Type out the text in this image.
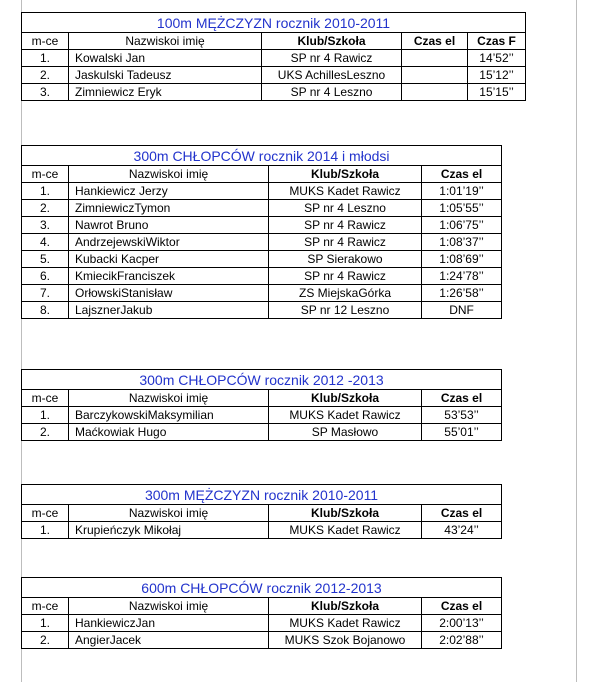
100m MĘŻCZYZN rocznik 2010-2011				
m-ce	Nazwiskoi imię	Klub/Szkoła	Czas el	Czas F
1.	Kowalski Jan	SP nr 4 Rawicz		14’52’’
2.	Jaskulski Tadeusz	UKS AchillesLeszno		15’12’’
3.	Zimniewicz Eryk	SP nr 4 Leszno		15’15’’
300m CHŁOPCÓW rocznik 2014 i młodsi			
m-ce	Nazwiskoi imię	Klub/Szkoła	Czas el
1.	Hankiewicz Jerzy	MUKS Kadet Rawicz	1:01’19’’
2.	ZimniewiczTymon	SP nr 4 Leszno	1:05’55’’
3.	Nawrot Bruno	SP nr 4 Rawicz	1:06’75’’
4.	AndrzejewskiWiktor	SP nr 4 Rawicz	1:08’37’’
5.	Kubacki Kacper	SP Sierakowo	1:08’69’’
6.	KmiecikFranciszek	SP nr 4 Rawicz	1:24’78’’
7.	OrłowskiStanisław	ZS MiejskaGórka	1:26’58’’
8.	LajsznerJakub	SP nr 12 Leszno	DNF
300m CHŁOPCÓW rocznik 2012 -2013			
m-ce	Nazwiskoi imię	Klub/Szkoła	Czas el
1.	BarczykowskiMaksymilian	MUKS Kadet Rawicz	53’53’’
2.	Maćkowiak Hugo	SP Masłowo	55’01’’
300m MĘŻCZYZN rocznik 2010-2011			
m-ce	Nazwiskoi imię	Klub/Szkoła	Czas el
1.	Krupieńczyk Mikołaj	MUKS Kadet Rawicz	43’24’’
600m CHŁOPCÓW rocznik 2012-2013			
m-ce	Nazwiskoi imię	Klub/Szkoła	Czas el
1.	HankiewiczJan	MUKS Kadet Rawicz	2:00’13’’
2.	AngierJacek	MUKS Szok Bojanowo	2:02’88’’
